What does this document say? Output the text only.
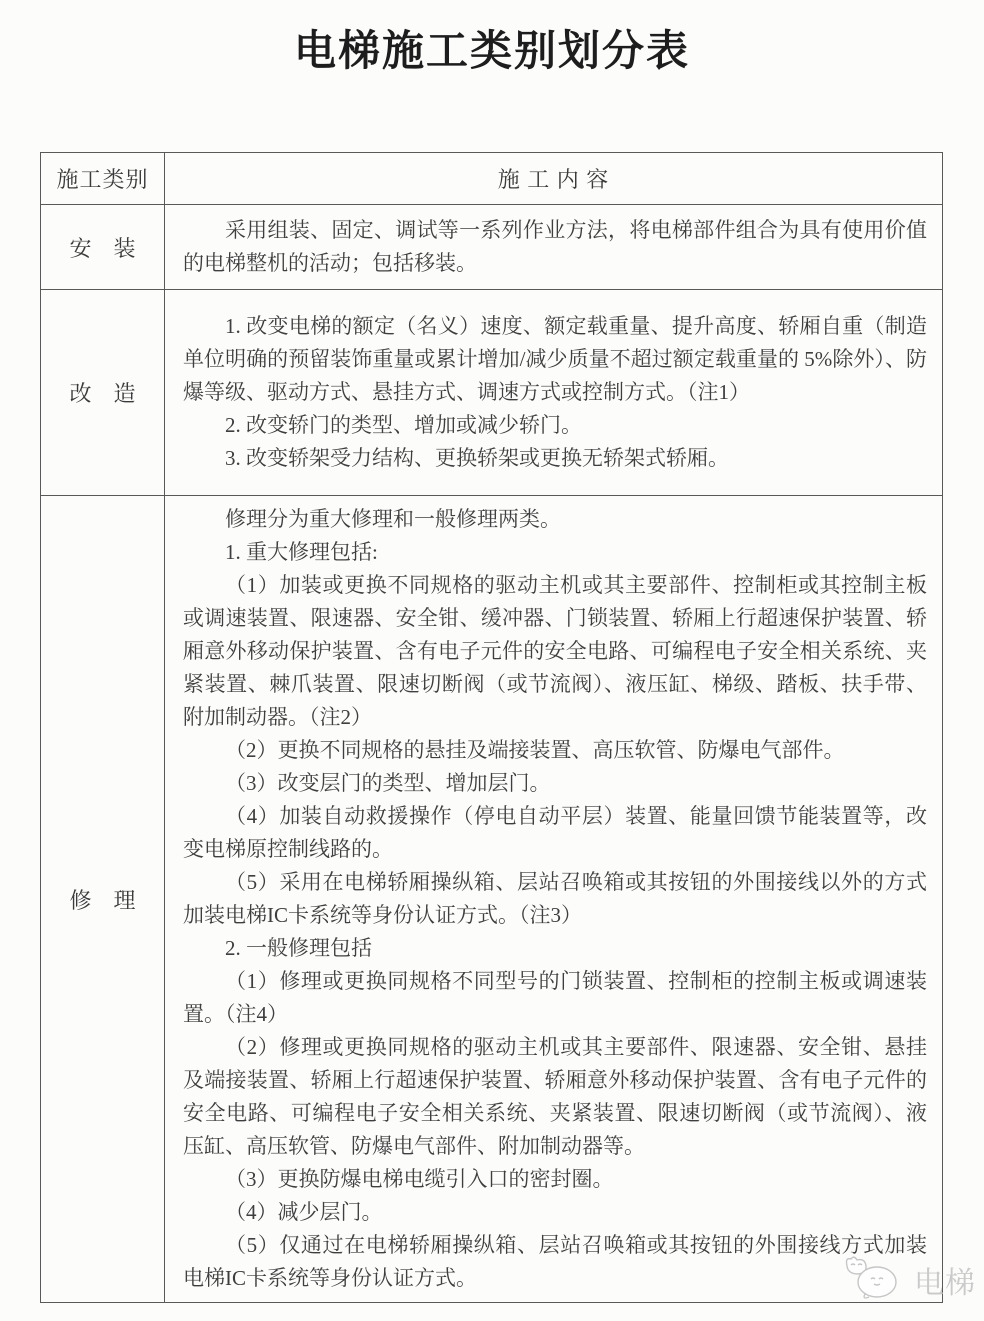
电梯施工类别划分表
施工类别	施 工 内 容
安　装	采用组装、固定、调试等一系列作业方法，将电梯部件组合为具有使用价值的电梯整机的活动；包括移装。

改　造	1. 改变电梯的额定（名义）速度、额定载重量、提升高度、轿厢自重（制造单位明确的预留装饰重量或累计增加/减少质量不超过额定载重量的 5%除外）、防爆等级、驱动方式、悬挂方式、调速方式或控制方式。（注1）

2. 改变轿门的类型、增加或减少轿门。

3. 改变轿架受力结构、更换轿架或更换无轿架式轿厢。

修　理	

修理分为重大修理和一般修理两类。

1. 重大修理包括:

（1）加装或更换不同规格的驱动主机或其主要部件、控制柜或其控制主板或调速装置、限速器、安全钳、缓冲器、门锁装置、轿厢上行超速保护装置、轿厢意外移动保护装置、含有电子元件的安全电路、可编程电子安全相关系统、夹紧装置、棘爪装置、限速切断阀（或节流阀）、液压缸、梯级、踏板、扶手带、附加制动器。（注2）

（2）更换不同规格的悬挂及端接装置、高压软管、防爆电气部件。

（3）改变层门的类型、增加层门。

（4）加装自动救援操作（停电自动平层）装置、能量回馈节能装置等，改变电梯原控制线路的。

（5）采用在电梯轿厢操纵箱、层站召唤箱或其按钮的外围接线以外的方式加装电梯IC卡系统等身份认证方式。（注3）

2. 一般修理包括

（1）修理或更换同规格不同型号的门锁装置、控制柜的控制主板或调速装置。（注4）

（2）修理或更换同规格的驱动主机或其主要部件、限速器、安全钳、悬挂及端接装置、轿厢上行超速保护装置、轿厢意外移动保护装置、含有电子元件的安全电路、可编程电子安全相关系统、夹紧装置、限速切断阀（或节流阀）、液压缸、高压软管、防爆电气部件、附加制动器等。

（3）更换防爆电梯电缆引入口的密封圈。

（4）减少层门。

（5）仅通过在电梯轿厢操纵箱、层站召唤箱或其按钮的外围接线方式加装电梯IC卡系统等身份认证方式。	电梯
